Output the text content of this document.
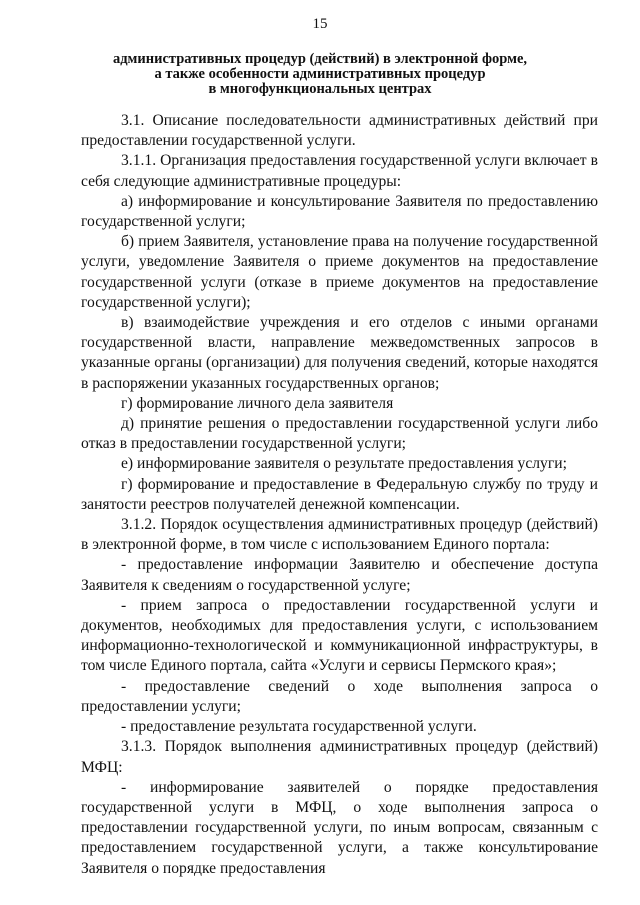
15
административных процедур (действий) в электронной форме,
а также особенности административных процедур
в многофункциональных центрах

3.1. Описание последовательности административных действий при предоставлении государственной услуги.

3.1.1. Организация предоставления государственной услуги включает в себя следующие административные процедуры:

а) информирование и консультирование Заявителя по предоставлению государственной услуги;

б) прием Заявителя, установление права на получение государственной услуги, уведомление Заявителя о приеме документов на предоставление государственной услуги (отказе в приеме документов на предоставление государственной услуги);

в) взаимодействие учреждения и его отделов с иными органами государственной власти, направление межведомственных запросов в указанные органы (организации) для получения сведений, которые находятся в распоряжении указанных государственных органов;

г) формирование личного дела заявителя

д) принятие решения о предоставлении государственной услуги либо отказ в предоставлении государственной услуги;

е) информирование заявителя о результате предоставления услуги;

г) формирование и предоставление в Федеральную службу по труду и занятости реестров получателей денежной компенсации.

3.1.2. Порядок осуществления административных процедур (действий) в электронной форме, в том числе с использованием Единого портала:

- предоставление информации Заявителю и обеспечение доступа Заявителя к сведениям о государственной услуге;

- прием запроса о предоставлении государственной услуги и документов, необходимых для предоставления услуги, с использованием информационно-технологической и коммуникационной инфраструктуры, в том числе Единого портала, сайта «Услуги и сервисы Пермского края»;

- предоставление сведений о ходе выполнения запроса о предоставлении услуги;

- предоставление результата государственной услуги.

3.1.3. Порядок выполнения административных процедур (действий) МФЦ:

- информирование заявителей о порядке предоставления государственной услуги в МФЦ, о ходе выполнения запроса о предоставлении государственной услуги, по иным вопросам, связанным с предоставлением государственной услуги, а также консультирование Заявителя о порядке предоставления
